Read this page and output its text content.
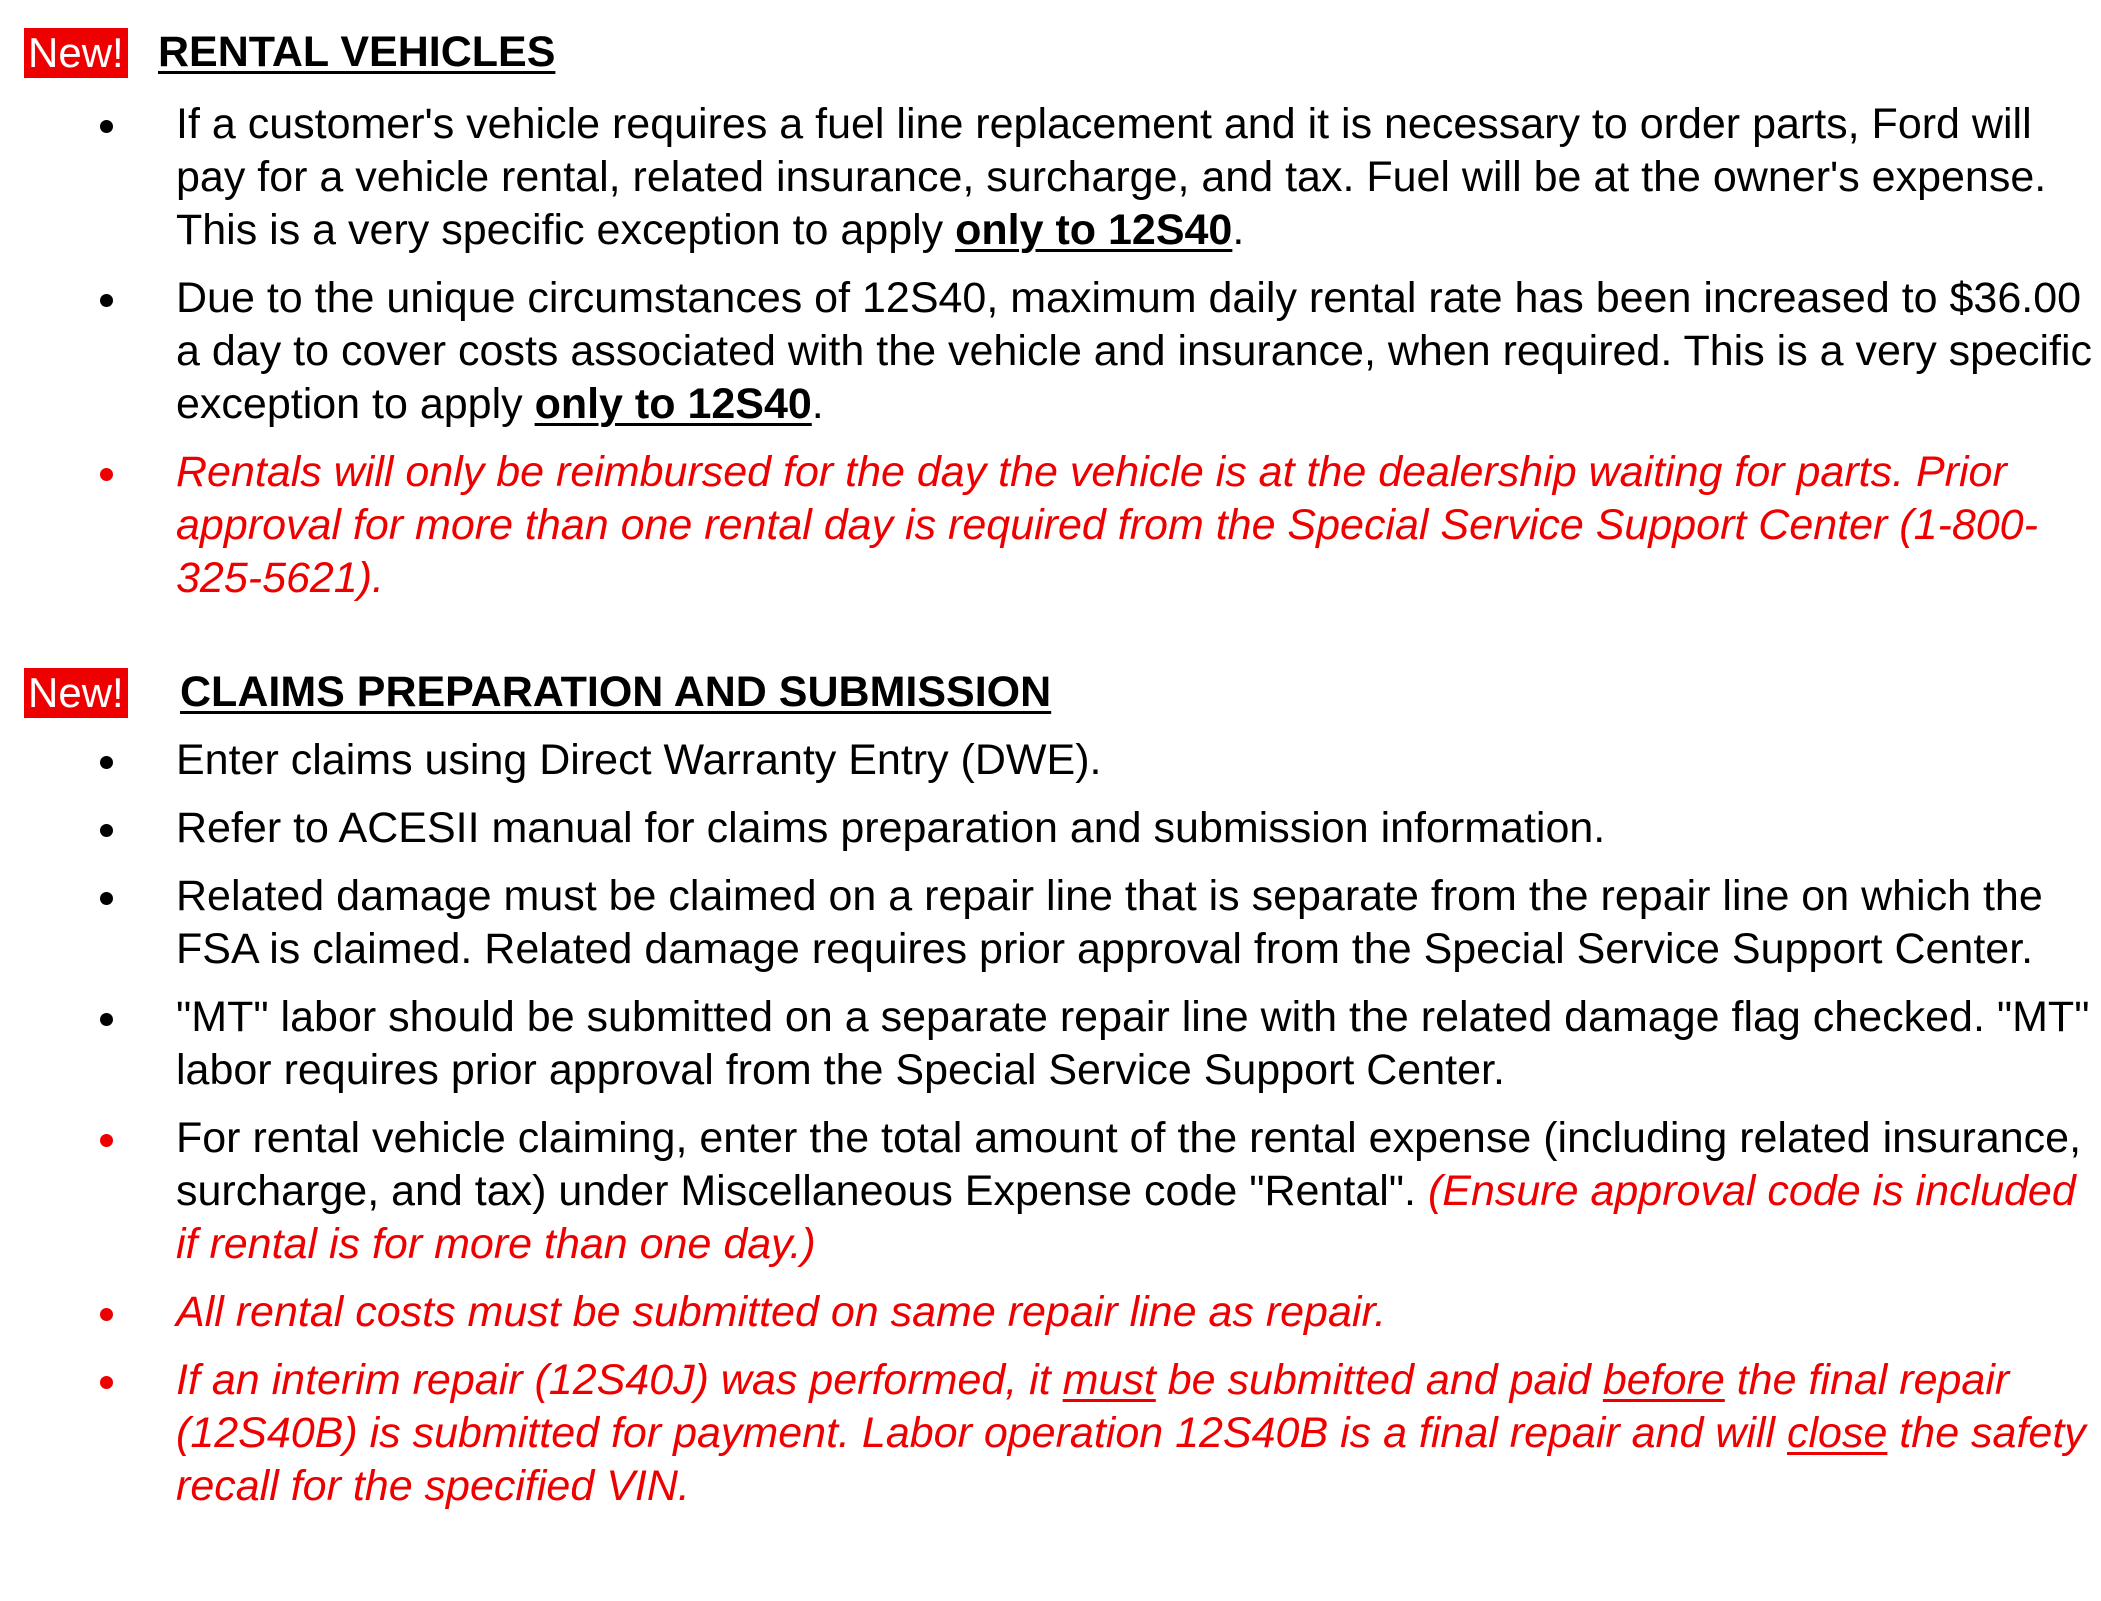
New! RENTAL VEHICLES
If a customer's vehicle requires a fuel line replacement and it is necessary to order parts, Ford will pay for a vehicle rental, related insurance, surcharge, and tax. Fuel will be at the owner's expense. This is a very specific exception to apply only to 12S40.
Due to the unique circumstances of 12S40, maximum daily rental rate has been increased to $36.00 a day to cover costs associated with the vehicle and insurance, when required. This is a very specific exception to apply only to 12S40.
Rentals will only be reimbursed for the day the vehicle is at the dealership waiting for parts. Prior approval for more than one rental day is required from the Special Service Support Center (1-800-325-5621).
New! CLAIMS PREPARATION AND SUBMISSION
Enter claims using Direct Warranty Entry (DWE).
Refer to ACESII manual for claims preparation and submission information.
Related damage must be claimed on a repair line that is separate from the repair line on which the FSA is claimed. Related damage requires prior approval from the Special Service Support Center.
"MT" labor should be submitted on a separate repair line with the related damage flag checked. "MT" labor requires prior approval from the Special Service Support Center.
For rental vehicle claiming, enter the total amount of the rental expense (including related insurance, surcharge, and tax) under Miscellaneous Expense code "Rental". (Ensure approval code is included if rental is for more than one day.)
All rental costs must be submitted on same repair line as repair.
If an interim repair (12S40J) was performed, it must be submitted and paid before the final repair (12S40B) is submitted for payment. Labor operation 12S40B is a final repair and will close the safety recall for the specified VIN.
